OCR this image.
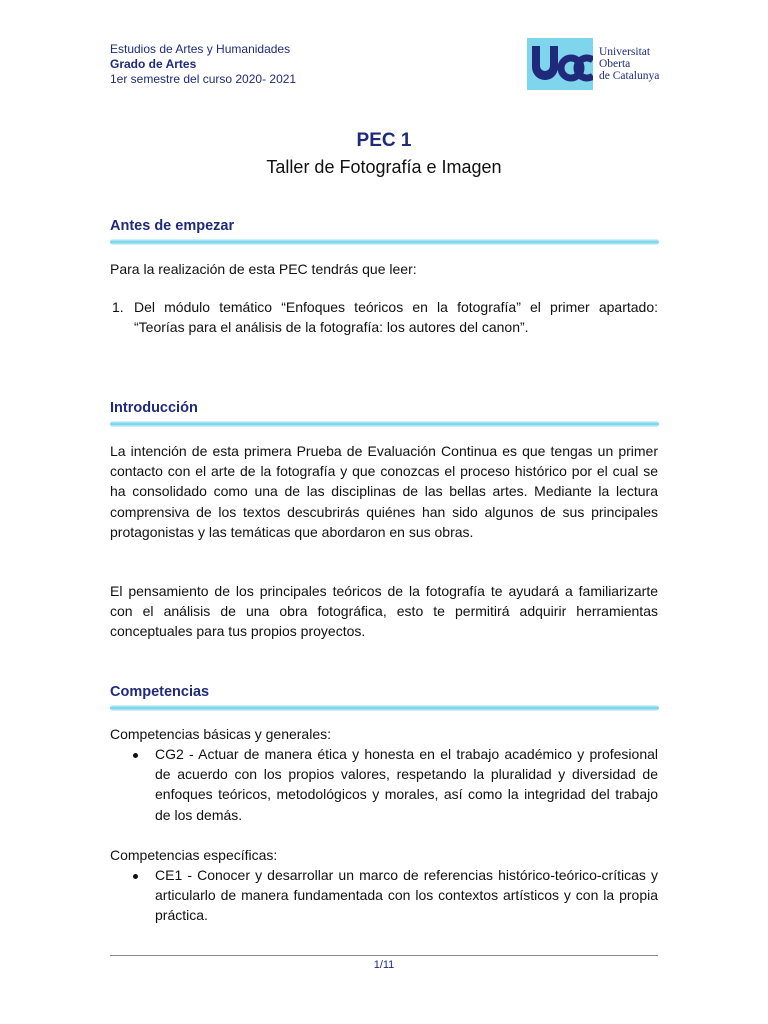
Estudios de Artes y Humanidades
Grado de Artes
1er semestre del curso 2020- 2021
Universitat
Oberta
de Catalunya
PEC 1
Taller de Fotografía e Imagen
Antes de empezar
Para la realización de esta PEC tendrás que leer:
1. Del módulo temático “Enfoques teóricos en la fotografía” el primer apartado: “Teorías para el análisis de la fotografía: los autores del canon”.
Introducción
La intención de esta primera Prueba de Evaluación Continua es que tengas un primer contacto con el arte de la fotografía y que conozcas el proceso histórico por el cual se ha consolidado como una de las disciplinas de las bellas artes. Mediante la lectura comprensiva de los textos descubrirás quiénes han sido algunos de sus principales protagonistas y las temáticas que abordaron en sus obras.
El pensamiento de los principales teóricos de la fotografía te ayudará a familiarizarte con el análisis de una obra fotográfica, esto te permitirá adquirir herramientas conceptuales para tus propios proyectos.
Competencias
Competencias básicas y generales:
CG2 - Actuar de manera ética y honesta en el trabajo académico y profesional de acuerdo con los propios valores, respetando la pluralidad y diversidad de enfoques teóricos, metodológicos y morales, así como la integridad del trabajo de los demás.
Competencias específicas:
CE1 - Conocer y desarrollar un marco de referencias histórico-teórico-críticas y articularlo de manera fundamentada con los contextos artísticos y con la propia práctica.
1/11
